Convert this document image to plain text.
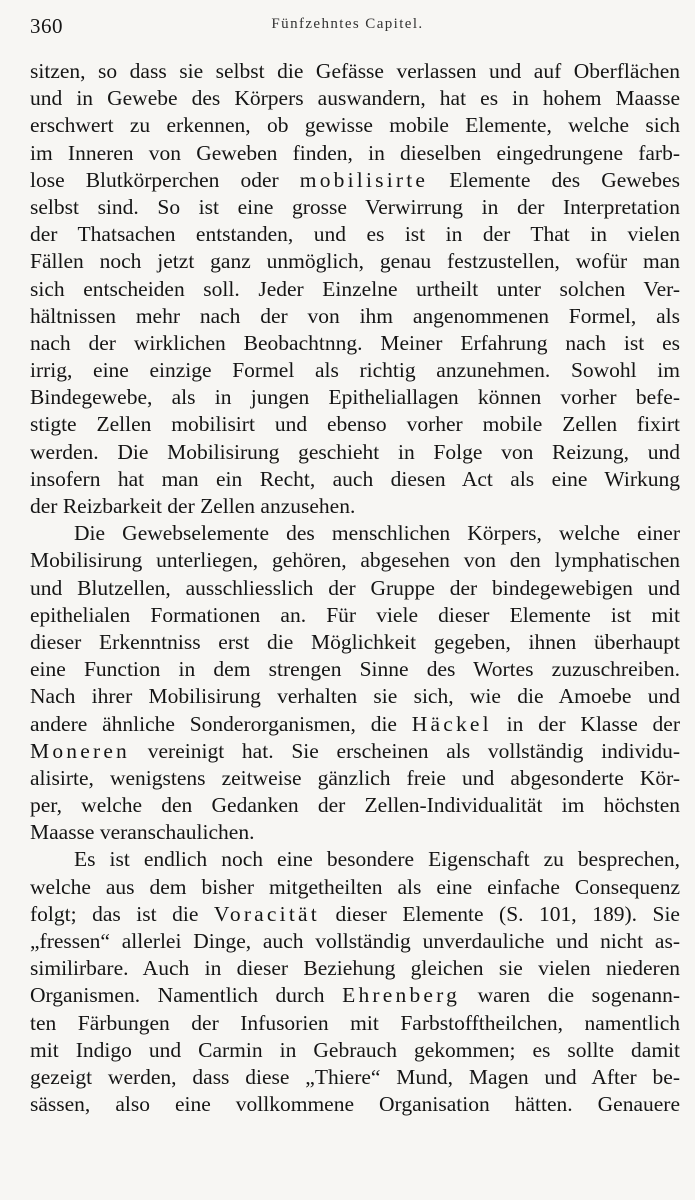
360	Fünfzehntes Capitel.
sitzen, so dass sie selbst die Gefässe verlassen und auf Oberflächen
und in Gewebe des Körpers auswandern, hat es in hohem Maasse
erschwert zu erkennen, ob gewisse mobile Elemente, welche sich
im Inneren von Geweben finden, in dieselben eingedrungene farb-
lose Blutkörperchen oder mobilisirte Elemente des Gewebes
selbst sind. So ist eine grosse Verwirrung in der Interpretation
der Thatsachen entstanden, und es ist in der That in vielen
Fällen noch jetzt ganz unmöglich, genau festzustellen, wofür man
sich entscheiden soll. Jeder Einzelne urtheilt unter solchen Ver-
hältnissen mehr nach der von ihm angenommenen Formel, als
nach der wirklichen Beobachtnng. Meiner Erfahrung nach ist es
irrig, eine einzige Formel als richtig anzunehmen. Sowohl im
Bindegewebe, als in jungen Epitheliallagen können vorher befe-
stigte Zellen mobilisirt und ebenso vorher mobile Zellen fixirt
werden. Die Mobilisirung geschieht in Folge von Reizung, und
insofern hat man ein Recht, auch diesen Act als eine Wirkung
der Reizbarkeit der Zellen anzusehen.
Die Gewebselemente des menschlichen Körpers, welche einer
Mobilisirung unterliegen, gehören, abgesehen von den lymphatischen
und Blutzellen, ausschliesslich der Gruppe der bindegewebigen und
epithelialen Formationen an. Für viele dieser Elemente ist mit
dieser Erkenntniss erst die Möglichkeit gegeben, ihnen überhaupt
eine Function in dem strengen Sinne des Wortes zuzuschreiben.
Nach ihrer Mobilisirung verhalten sie sich, wie die Amoebe und
andere ähnliche Sonderorganismen, die Häckel in der Klasse der
Moneren vereinigt hat. Sie erscheinen als vollständig individu-
alisirte, wenigstens zeitweise gänzlich freie und abgesonderte Kör-
per, welche den Gedanken der Zellen-Individualität im höchsten
Maasse veranschaulichen.
Es ist endlich noch eine besondere Eigenschaft zu besprechen,
welche aus dem bisher mitgetheilten als eine einfache Consequenz
folgt; das ist die Voracität dieser Elemente (S. 101, 189). Sie
„fressen“ allerlei Dinge, auch vollständig unverdauliche und nicht as-
similirbare. Auch in dieser Beziehung gleichen sie vielen niederen
Organismen. Namentlich durch Ehrenberg waren die sogenann-
ten Färbungen der Infusorien mit Farbstofftheilchen, namentlich
mit Indigo und Carmin in Gebrauch gekommen; es sollte damit
gezeigt werden, dass diese „Thiere“ Mund, Magen und After be-
sässen, also eine vollkommene Organisation hätten. Genauere
